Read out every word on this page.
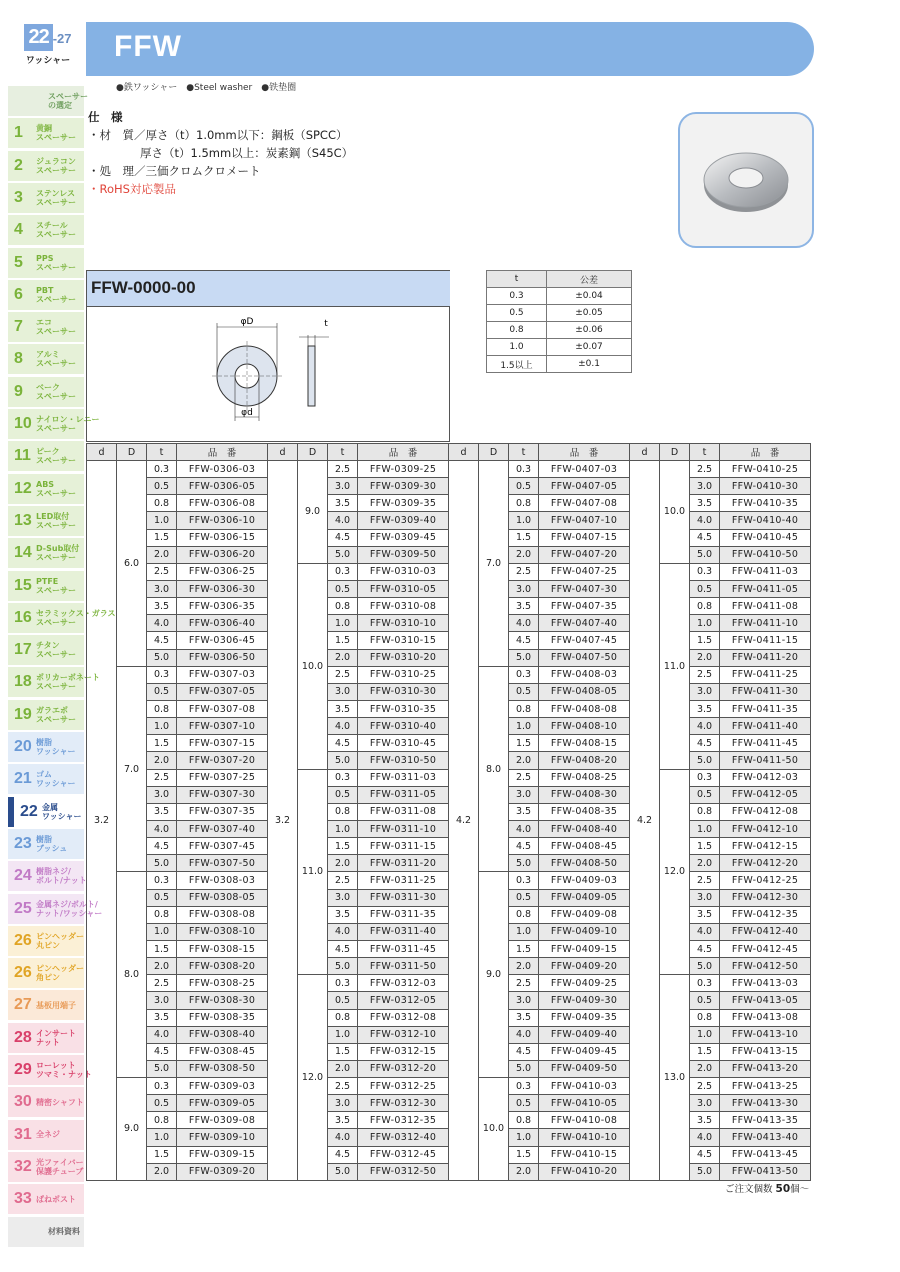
22 -27
ワッシャー
スペーサー
の選定
1	黄銅
スペーサー
2	ジュラコン
スペーサー
3	ステンレス
スペーサー
4	スチール
スペーサー
5	PPS
スペーサー
6	PBT
スペーサー
7	エコ
スペーサー
8	アルミ
スペーサー
9	ベーク
スペーサー
10 ナイロン・レニー
スペーサー
11 ピーク
スペーサー
12 ABS
スペーサー
13 LED取付
スペーサー
14 D-Sub取付
スペーサー
15 PTFE
スペーサー
16 セラミックス・ガラス
スペーサー
17 チタン
スペーサー
18 ポリカーボネート
スペーサー
19 ガラエポ
スペーサー
20 樹脂
ワッシャー
21 ゴム
ワッシャー
22 金属
ワッシャー
23 樹脂
ブッシュ
24 樹脂ネジ/
ボルト/ナット
25 金属ネジ/ボルト/
ナット/ワッシャー
26 ピンヘッダー
丸ピン
26 ピンヘッダー
角ピン
27 基板用端子
28 インサート
ナット
29 ローレット
ツマミ・ナット
30 精密シャフト
31 全ネジ
32 光ファイバー
保護チューブ
33 ばねポスト
材料資料
FFW
●鉄ワッシャー　●Steel washer　●铁垫圈
仕　様
・材　質／厚さ（t）1.0mm以下：鋼板（SPCC）
厚さ（t）1.5mm以上：炭素鋼（S45C）
・処　理／三価クロムクロメート
・RoHS対応製品
FFW-0000-00
φD
φd
t
t	公差
0.3	±0.04
0.5	±0.05
0.8	±0.06
1.0	±0.07
1.5以上	±0.1
d	D	t	品　番	d	D	t	品　番	d	D	t	品　番	d	D	t	品　番
3.2	6.0	0.3	FFW-0306-03	3.2	9.0	2.5	FFW-0309-25	4.2	7.0	0.3	FFW-0407-03	4.2	10.0	2.5	FFW-0410-25
		0.5	FFW-0306-05			3.0	FFW-0309-30			0.5	FFW-0407-05			3.0	FFW-0410-30
		0.8	FFW-0306-08			3.5	FFW-0309-35			0.8	FFW-0407-08			3.5	FFW-0410-35
		1.0	FFW-0306-10			4.0	FFW-0309-40			1.0	FFW-0407-10			4.0	FFW-0410-40
		1.5	FFW-0306-15			4.5	FFW-0309-45			1.5	FFW-0407-15			4.5	FFW-0410-45
		2.0	FFW-0306-20			5.0	FFW-0309-50			2.0	FFW-0407-20			5.0	FFW-0410-50
		2.5	FFW-0306-25		10.0	0.3	FFW-0310-03			2.5	FFW-0407-25		11.0	0.3	FFW-0411-03
		3.0	FFW-0306-30			0.5	FFW-0310-05			3.0	FFW-0407-30			0.5	FFW-0411-05
		3.5	FFW-0306-35			0.8	FFW-0310-08			3.5	FFW-0407-35			0.8	FFW-0411-08
		4.0	FFW-0306-40			1.0	FFW-0310-10			4.0	FFW-0407-40			1.0	FFW-0411-10
		4.5	FFW-0306-45			1.5	FFW-0310-15			4.5	FFW-0407-45			1.5	FFW-0411-15
		5.0	FFW-0306-50			2.0	FFW-0310-20			5.0	FFW-0407-50			2.0	FFW-0411-20
	7.0	0.3	FFW-0307-03			2.5	FFW-0310-25		8.0	0.3	FFW-0408-03			2.5	FFW-0411-25
		0.5	FFW-0307-05			3.0	FFW-0310-30			0.5	FFW-0408-05			3.0	FFW-0411-30
		0.8	FFW-0307-08			3.5	FFW-0310-35			0.8	FFW-0408-08			3.5	FFW-0411-35
		1.0	FFW-0307-10			4.0	FFW-0310-40			1.0	FFW-0408-10			4.0	FFW-0411-40
		1.5	FFW-0307-15			4.5	FFW-0310-45			1.5	FFW-0408-15			4.5	FFW-0411-45
		2.0	FFW-0307-20			5.0	FFW-0310-50			2.0	FFW-0408-20			5.0	FFW-0411-50
		2.5	FFW-0307-25		11.0	0.3	FFW-0311-03			2.5	FFW-0408-25		12.0	0.3	FFW-0412-03
		3.0	FFW-0307-30			0.5	FFW-0311-05			3.0	FFW-0408-30			0.5	FFW-0412-05
		3.5	FFW-0307-35			0.8	FFW-0311-08			3.5	FFW-0408-35			0.8	FFW-0412-08
		4.0	FFW-0307-40			1.0	FFW-0311-10			4.0	FFW-0408-40			1.0	FFW-0412-10
		4.5	FFW-0307-45			1.5	FFW-0311-15			4.5	FFW-0408-45			1.5	FFW-0412-15
		5.0	FFW-0307-50			2.0	FFW-0311-20			5.0	FFW-0408-50			2.0	FFW-0412-20
	8.0	0.3	FFW-0308-03			2.5	FFW-0311-25		9.0	0.3	FFW-0409-03			2.5	FFW-0412-25
		0.5	FFW-0308-05			3.0	FFW-0311-30			0.5	FFW-0409-05			3.0	FFW-0412-30
		0.8	FFW-0308-08			3.5	FFW-0311-35			0.8	FFW-0409-08			3.5	FFW-0412-35
		1.0	FFW-0308-10			4.0	FFW-0311-40			1.0	FFW-0409-10			4.0	FFW-0412-40
		1.5	FFW-0308-15			4.5	FFW-0311-45			1.5	FFW-0409-15			4.5	FFW-0412-45
		2.0	FFW-0308-20			5.0	FFW-0311-50			2.0	FFW-0409-20			5.0	FFW-0412-50
		2.5	FFW-0308-25		12.0	0.3	FFW-0312-03			2.5	FFW-0409-25		13.0	0.3	FFW-0413-03
		3.0	FFW-0308-30			0.5	FFW-0312-05			3.0	FFW-0409-30			0.5	FFW-0413-05
		3.5	FFW-0308-35			0.8	FFW-0312-08			3.5	FFW-0409-35			0.8	FFW-0413-08
		4.0	FFW-0308-40			1.0	FFW-0312-10			4.0	FFW-0409-40			1.0	FFW-0413-10
		4.5	FFW-0308-45			1.5	FFW-0312-15			4.5	FFW-0409-45			1.5	FFW-0413-15
		5.0	FFW-0308-50			2.0	FFW-0312-20			5.0	FFW-0409-50			2.0	FFW-0413-20
	9.0	0.3	FFW-0309-03			2.5	FFW-0312-25		10.0	0.3	FFW-0410-03			2.5	FFW-0413-25
		0.5	FFW-0309-05			3.0	FFW-0312-30			0.5	FFW-0410-05			3.0	FFW-0413-30
		0.8	FFW-0309-08			3.5	FFW-0312-35			0.8	FFW-0410-08			3.5	FFW-0413-35
		1.0	FFW-0309-10			4.0	FFW-0312-40			1.0	FFW-0410-10			4.0	FFW-0413-40
		1.5	FFW-0309-15			4.5	FFW-0312-45			1.5	FFW-0410-15			4.5	FFW-0413-45
		2.0	FFW-0309-20			5.0	FFW-0312-50			2.0	FFW-0410-20			5.0	FFW-0413-50
ご注文個数 50個〜
